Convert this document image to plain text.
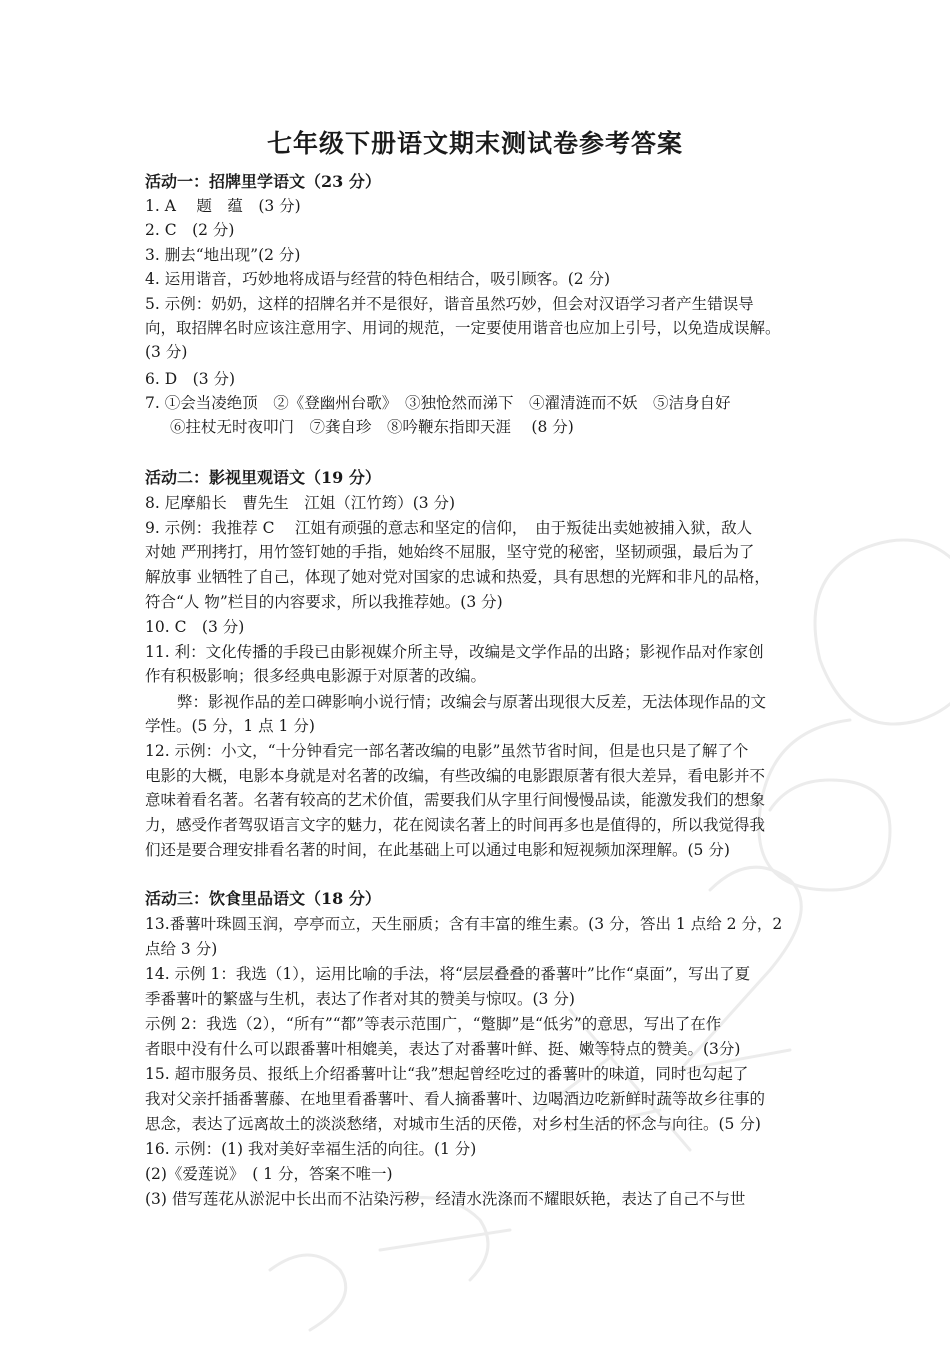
七年级下册语文期末测试卷参考答案
活动一：招牌里学语文（23 分）
1. A　 题　蕴　(3 分)
2. C　(2 分)
3. 删去“地出现”(2 分)
4. 运用谐音，巧妙地将成语与经营的特色相结合，吸引顾客。(2 分)
5. 示例：奶奶，这样的招牌名并不是很好，谐音虽然巧妙，但会对汉语学习者产生错误导
向，取招牌名时应该注意用字、用词的规范，一定要使用谐音也应加上引号，以免造成误解。
(3 分)
6. D　(3 分)
7. ①会当凌绝顶　②《登幽州台歌》　③独怆然而涕下　④濯清涟而不妖　⑤洁身自好
⑥拄杖无时夜叩门　⑦龚自珍　⑧吟鞭东指即天涯　 (8 分)
活动二：影视里观语文（19 分）
8. 尼摩船长　曹先生　江姐（江竹筠）(3 分)
9. 示例：我推荐 C　 江姐有顽强的意志和坚定的信仰，　由于叛徒出卖她被捕入狱，敌人
对她 严刑拷打，用竹签钉她的手指，她始终不屈服，坚守党的秘密，坚韧顽强，最后为了
解放事 业牺牲了自己，体现了她对党对国家的忠诚和热爱，具有思想的光辉和非凡的品格，
符合“人 物”栏目的内容要求，所以我推荐她。(3 分)
10. C　(3 分)
11. 利：文化传播的手段已由影视媒介所主导，改编是文学作品的出路；影视作品对作家创
作有积极影响；很多经典电影源于对原著的改编。
弊：影视作品的差口碑影响小说行情；改编会与原著出现很大反差，无法体现作品的文
学性。(5 分，1 点 1 分)
12. 示例：小文，“十分钟看完一部名著改编的电影”虽然节省时间，但是也只是了解了个
电影的大概，电影本身就是对名著的改编，有些改编的电影跟原著有很大差异，看电影并不
意味着看名著。名著有较高的艺术价值，需要我们从字里行间慢慢品读，能激发我们的想象
力，感受作者驾驭语言文字的魅力，花在阅读名著上的时间再多也是值得的，所以我觉得我
们还是要合理安排看名著的时间，在此基础上可以通过电影和短视频加深理解。(5 分)
活动三：饮食里品语文（18 分）
13.番薯叶珠圆玉润，亭亭而立，天生丽质；含有丰富的维生素。(3 分，答出 1 点给 2 分，2
点给 3 分)
14. 示例 1：我选（1），运用比喻的手法，将“层层叠叠的番薯叶”比作“桌面”，写出了夏
季番薯叶的繁盛与生机，表达了作者对其的赞美与惊叹。(3 分)
示例 2：我选（2），“所有”“都”等表示范围广，“蹩脚”是“低劣”的意思，写出了在作
者眼中没有什么可以跟番薯叶相媲美，表达了对番薯叶鲜、挺、嫩等特点的赞美。(3分)
15. 超市服务员、报纸上介绍番薯叶让“我”想起曾经吃过的番薯叶的味道，同时也勾起了
我对父亲扦插番薯藤、在地里看番薯叶、看人摘番薯叶、边喝酒边吃新鲜时蔬等故乡往事的
思念，表达了远离故土的淡淡愁绪，对城市生活的厌倦，对乡村生活的怀念与向往。(5 分)
16. 示例：(1) 我对美好幸福生活的向往。(1 分)
(2)《爱莲说》　( 1 分，答案不唯一)
(3) 借写莲花从淤泥中长出而不沾染污秽，经清水洗涤而不耀眼妖艳，表达了自己不与世
